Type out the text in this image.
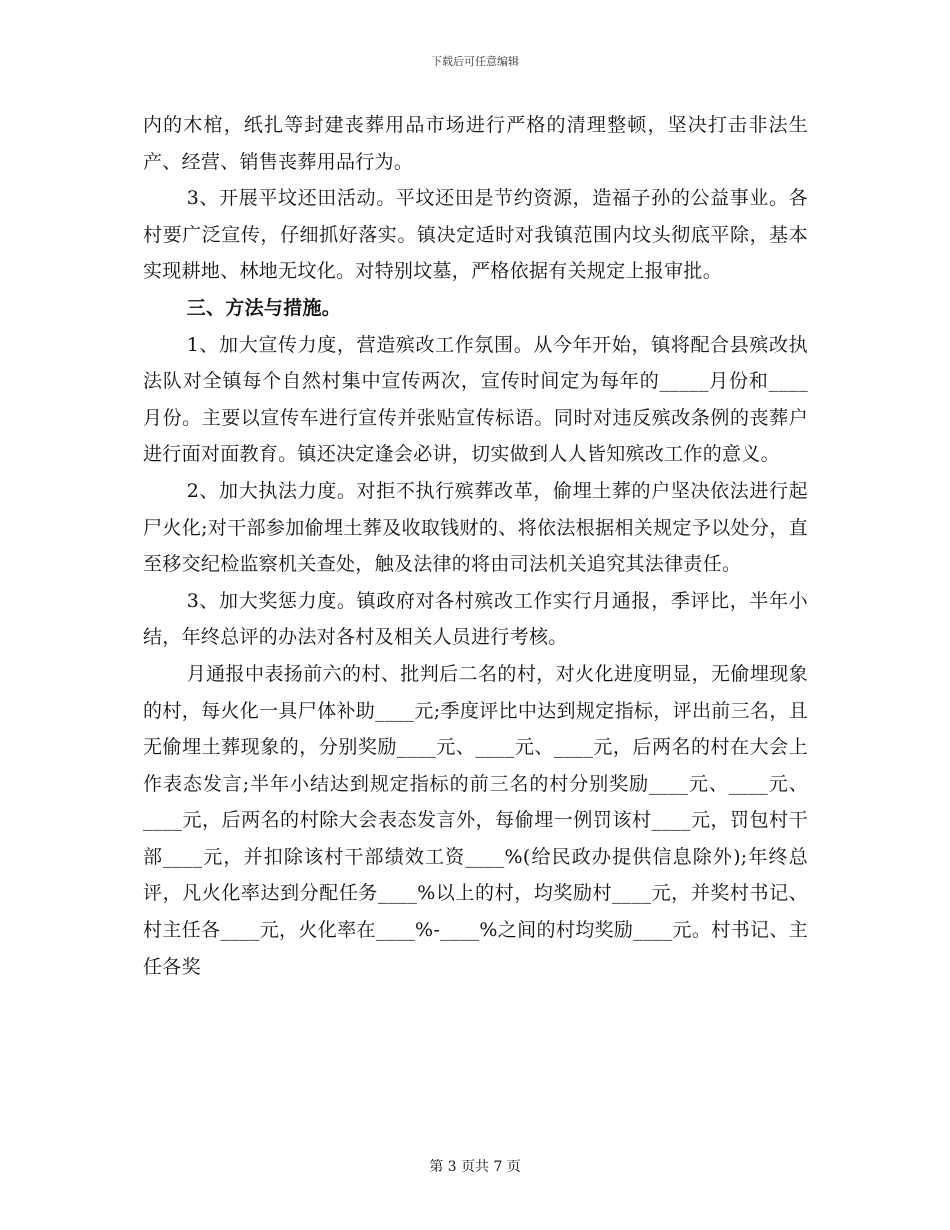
下载后可任意编辑

内的木棺，纸扎等封建丧葬用品市场进行严格的清理整顿，坚决打击非法生产、经营、销售丧葬用品行为。

3、开展平坟还田活动。平坟还田是节约资源，造福子孙的公益事业。各村要广泛宣传，仔细抓好落实。镇决定适时对我镇范围内坟头彻底平除，基本实现耕地、林地无坟化。对特别坟墓，严格依据有关规定上报审批。

三、方法与措施。

1、加大宣传力度，营造殡改工作氛围。从今年开始，镇将配合县殡改执法队对全镇每个自然村集中宣传两次，宣传时间定为每年的_____月份和____月份。主要以宣传车进行宣传并张贴宣传标语。同时对违反殡改条例的丧葬户进行面对面教育。镇还决定逢会必讲，切实做到人人皆知殡改工作的意义。

2、加大执法力度。对拒不执行殡葬改革，偷埋土葬的户坚决依法进行起尸火化;对干部参加偷埋土葬及收取钱财的、将依法根据相关规定予以处分，直至移交纪检监察机关查处，触及法律的将由司法机关追究其法律责任。

3、加大奖惩力度。镇政府对各村殡改工作实行月通报，季评比，半年小结，年终总评的办法对各村及相关人员进行考核。

月通报中表扬前六的村、批判后二名的村，对火化进度明显，无偷埋现象的村，每火化一具尸体补助____元;季度评比中达到规定指标，评出前三名，且无偷埋土葬现象的，分别奖励____元、____元、____元，后两名的村在大会上作表态发言;半年小结达到规定指标的前三名的村分别奖励____元、____元、____元，后两名的村除大会表态发言外，每偷埋一例罚该村____元，罚包村干部____元，并扣除该村干部绩效工资____%(给民政办提供信息除外);年终总评，凡火化率达到分配任务____%以上的村，均奖励村____元，并奖村书记、村主任各____元，火化率在____%-____%之间的村均奖励____元。村书记、主任各奖

第 3 页共 7 页
